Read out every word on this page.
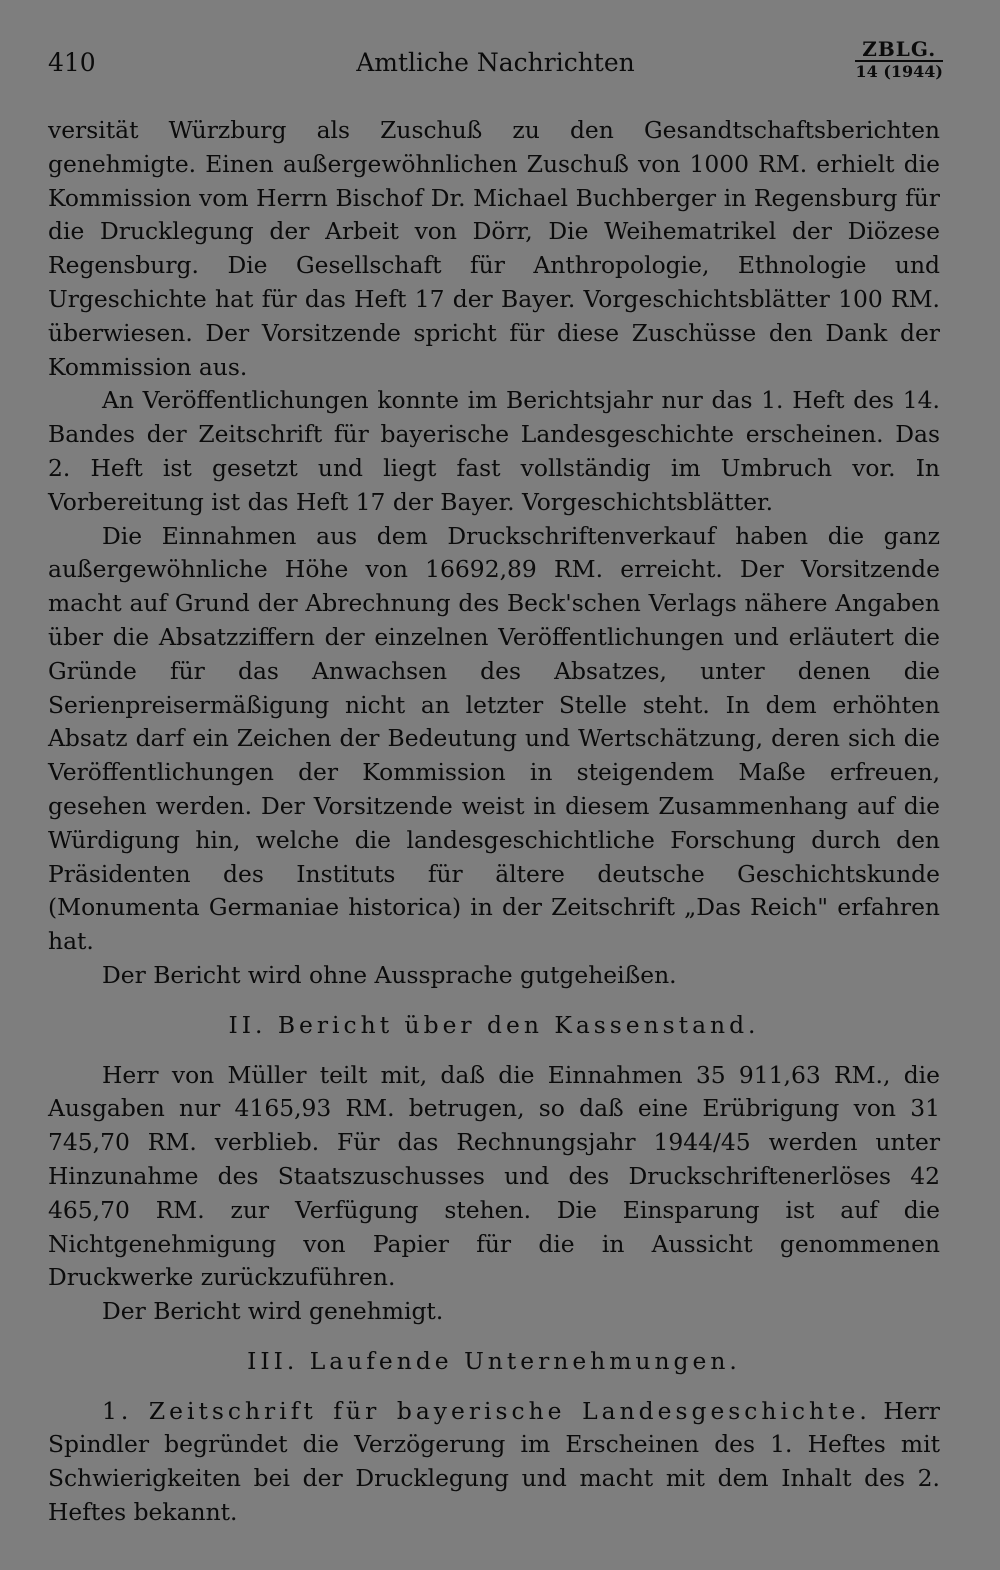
410	Amtliche Nachrichten	ZBLG.
14 (1944)

versität Würzburg als Zuschuß zu den Gesandtschaftsberichten genehmigte. Einen außergewöhnlichen Zuschuß von 1000 RM. erhielt die Kommission vom Herrn Bischof Dr. Michael Buchberger in Regensburg für die Drucklegung der Arbeit von Dörr, Die Weihematrikel der Diözese Regensburg. Die Gesellschaft für Anthropologie, Ethnologie und Urgeschichte hat für das Heft 17 der Bayer. Vorgeschichtsblätter 100 RM. überwiesen. Der Vorsitzende spricht für diese Zuschüsse den Dank der Kommission aus.

An Veröffentlichungen konnte im Berichtsjahr nur das 1. Heft des 14. Bandes der Zeitschrift für bayerische Landesgeschichte erscheinen. Das 2. Heft ist gesetzt und liegt fast vollständig im Umbruch vor. In Vorbereitung ist das Heft 17 der Bayer. Vorgeschichtsblätter.

Die Einnahmen aus dem Druckschriftenverkauf haben die ganz außergewöhnliche Höhe von 16692,89 RM. erreicht. Der Vorsitzende macht auf Grund der Abrechnung des Beck'schen Verlags nähere Angaben über die Absatzziffern der einzelnen Veröffentlichungen und erläutert die Gründe für das Anwachsen des Absatzes, unter denen die Serienpreisermäßigung nicht an letzter Stelle steht. In dem erhöhten Absatz darf ein Zeichen der Bedeutung und Wertschätzung, deren sich die Veröffentlichungen der Kommission in steigendem Maße erfreuen, gesehen werden. Der Vorsitzende weist in diesem Zusammenhang auf die Würdigung hin, welche die landesgeschichtliche Forschung durch den Präsidenten des Instituts für ältere deutsche Geschichtskunde (Monumenta Germaniae historica) in der Zeitschrift „Das Reich" erfahren hat.

Der Bericht wird ohne Aussprache gutgeheißen.

II. Bericht über den Kassenstand.

Herr von Müller teilt mit, daß die Einnahmen 35 911,63 RM., die Ausgaben nur 4165,93 RM. betrugen, so daß eine Erübrigung von 31 745,70 RM. verblieb. Für das Rechnungsjahr 1944/45 werden unter Hinzunahme des Staatszuschusses und des Druckschriftenerlöses 42 465,70 RM. zur Verfügung stehen. Die Einsparung ist auf die Nichtgenehmigung von Papier für die in Aussicht genommenen Druckwerke zurückzuführen.

Der Bericht wird genehmigt.

III. Laufende Unternehmungen.

1. Zeitschrift für bayerische Landesgeschichte. Herr Spindler begründet die Verzögerung im Erscheinen des 1. Heftes mit Schwierigkeiten bei der Drucklegung und macht mit dem Inhalt des 2. Heftes bekannt.
